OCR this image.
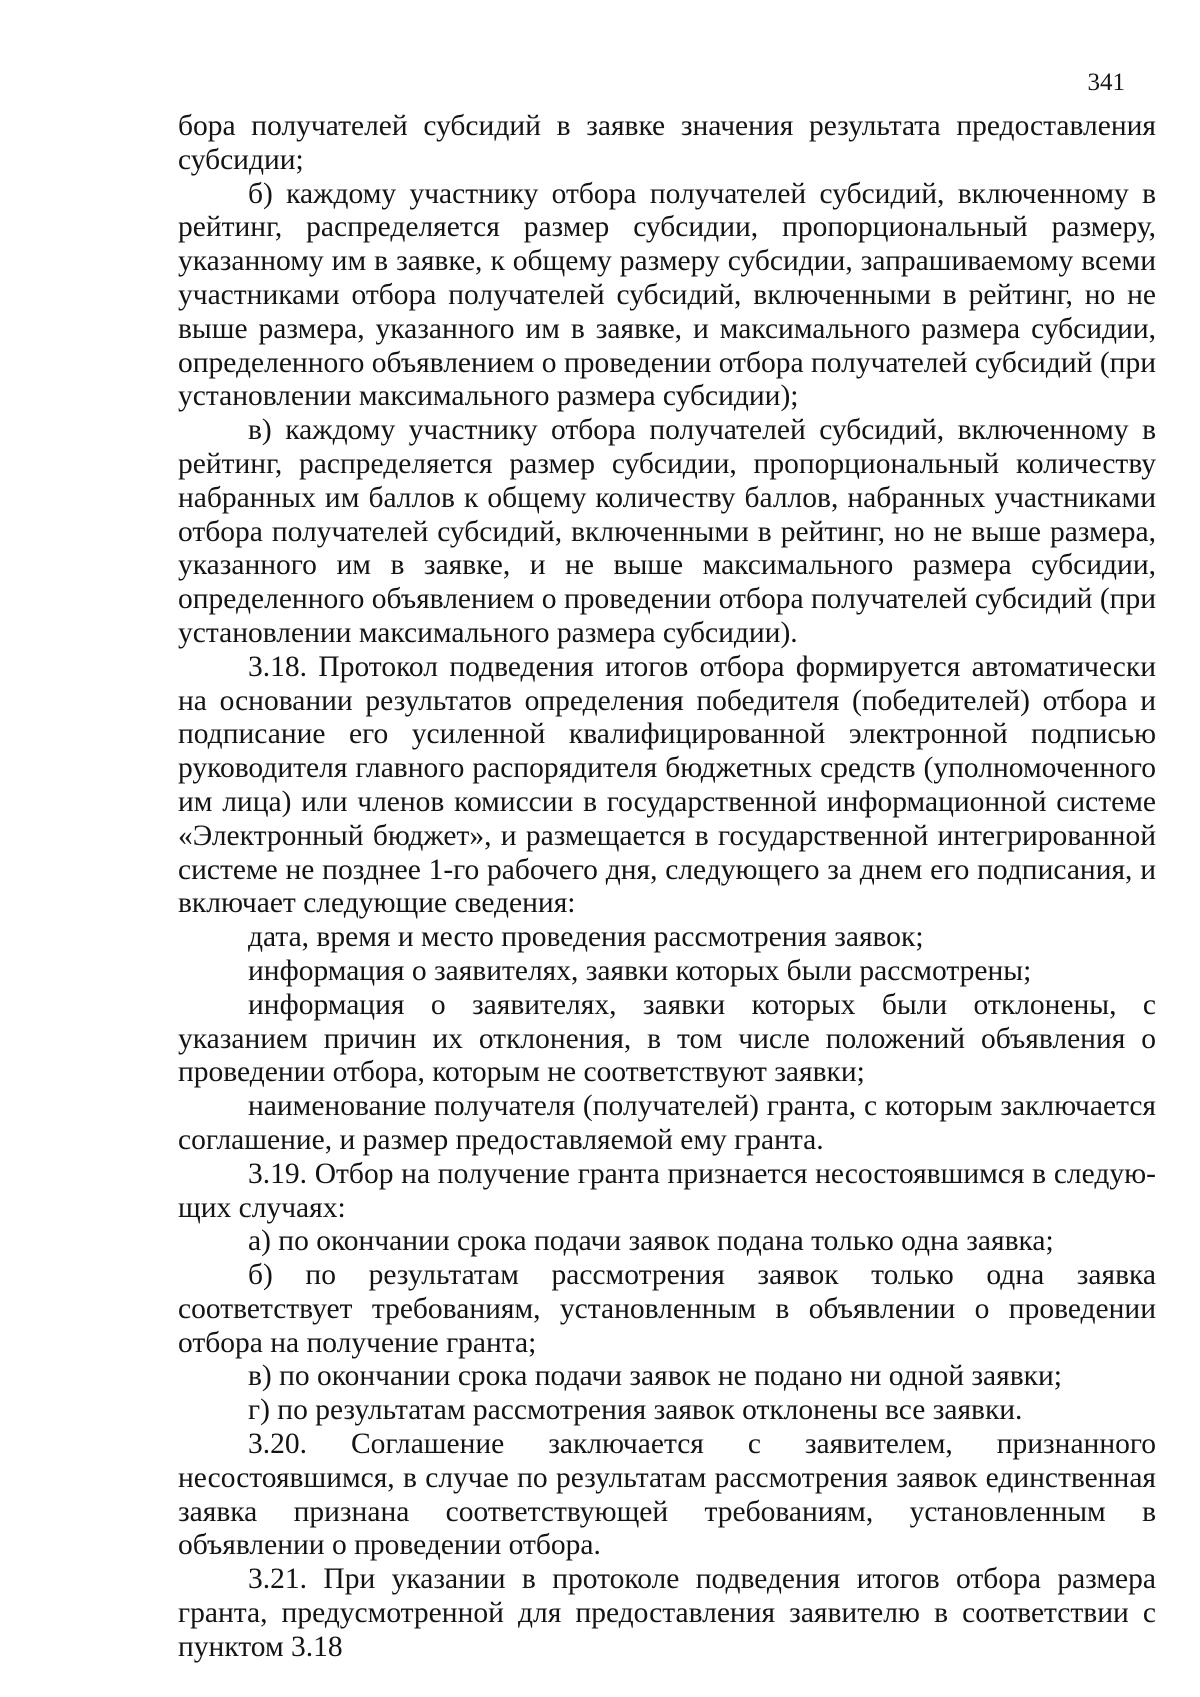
341

бора получателей субсидий в заявке значения результата предоставления субсидии;

б) каждому участнику отбора получателей субсидий, включенному в рейтинг, распределяется размер субсидии, пропорциональный размеру, указанному им в заявке, к общему размеру субсидии, запрашиваемому всеми участниками отбора получателей субсидий, включенными в рейтинг, но не выше размера, указанного им в заявке, и максимального размера субсидии, определенного объявлением о проведении отбора получателей субсидий (при установлении максимального размера субсидии);

в) каждому участнику отбора получателей субсидий, включенному в рейтинг, распределяется размер субсидии, пропорциональный количеству набранных им баллов к общему количеству баллов, набранных участниками отбора получателей субсидий, включенными в рейтинг, но не выше размера, указанного им в заявке, и не выше максимального размера субсидии, определенного объявлением о проведении отбора получателей субсидий (при установлении максимального размера субсидии).

3.18. Протокол подведения итогов отбора формируется автоматически на основании результатов определения победителя (победителей) отбора и подписание его усиленной квалифицированной электронной подписью руководителя главного распорядителя бюджетных средств (уполномоченного им лица) или членов комиссии в государственной информационной системе «Электронный бюджет», и размещается в государственной интегрированной системе не позднее 1-го рабочего дня, следующего за днем его подписания, и включает следующие сведения:

дата, время и место проведения рассмотрения заявок;

информация о заявителях, заявки которых были рассмотрены;

информация о заявителях, заявки которых были отклонены, с указанием причин их отклонения, в том числе положений объявления о проведении отбора, которым не соответствуют заявки;

наименование получателя (получателей) гранта, с которым заключается соглашение, и размер предоставляемой ему гранта.

3.19. Отбор на получение гранта признается несостоявшимся в следующих случаях:

а) по окончании срока подачи заявок подана только одна заявка;

б) по результатам рассмотрения заявок только одна заявка соответствует требованиям, установленным в объявлении о проведении отбора на получение гранта;

в) по окончании срока подачи заявок не подано ни одной заявки;

г) по результатам рассмотрения заявок отклонены все заявки.

3.20. Соглашение заключается с заявителем, признанного несостоявшимся, в случае по результатам рассмотрения заявок единственная заявка признана соответствующей требованиям, установленным в объявлении о проведении отбора.

3.21. При указании в протоколе подведения итогов отбора размера гранта, предусмотренной для предоставления заявителю в соответствии с пунктом 3.18
